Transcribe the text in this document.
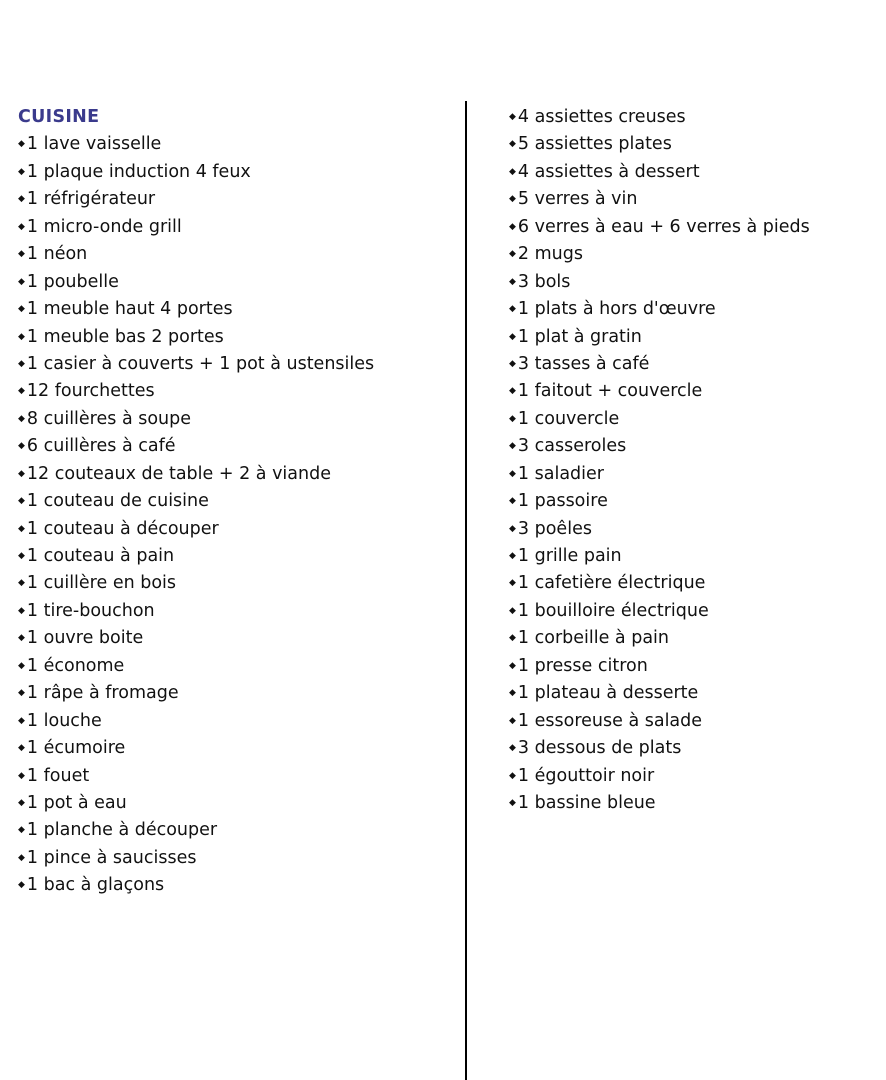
CUISINE
◆ 1 lave vaisselle
◆ 1 plaque induction 4 feux
◆ 1 réfrigérateur
◆ 1 micro-onde grill
◆ 1 néon
◆ 1 poubelle
◆ 1 meuble haut 4 portes
◆ 1 meuble bas 2 portes
◆ 1 casier à couverts + 1 pot à ustensiles
◆ 12 fourchettes
◆ 8 cuillères à soupe
◆ 6 cuillères à café
◆ 12 couteaux de table + 2 à viande
◆ 1 couteau de cuisine
◆ 1 couteau à découper
◆ 1 couteau à pain
◆ 1 cuillère en bois
◆ 1 tire-bouchon
◆ 1 ouvre boite
◆ 1 économe
◆ 1 râpe à fromage
◆ 1 louche
◆ 1 écumoire
◆ 1 fouet
◆ 1 pot à eau
◆ 1 planche à découper
◆ 1 pince à saucisses
◆ 1 bac à glaçons
◆ 4 assiettes creuses
◆ 5 assiettes plates
◆ 4 assiettes à dessert
◆ 5 verres à vin
◆ 6 verres à eau + 6 verres à pieds
◆ 2 mugs
◆ 3 bols
◆ 1 plats à hors d'œuvre
◆ 1 plat à gratin
◆ 3 tasses à café
◆ 1 faitout + couvercle
◆ 1 couvercle
◆ 3 casseroles
◆ 1 saladier
◆ 1 passoire
◆ 3 poêles
◆ 1 grille pain
◆ 1 cafetière électrique
◆ 1 bouilloire électrique
◆ 1 corbeille à pain
◆ 1 presse citron
◆ 1 plateau à desserte
◆ 1 essoreuse à salade
◆ 3 dessous de plats
◆ 1 égouttoir noir
◆ 1 bassine bleue
